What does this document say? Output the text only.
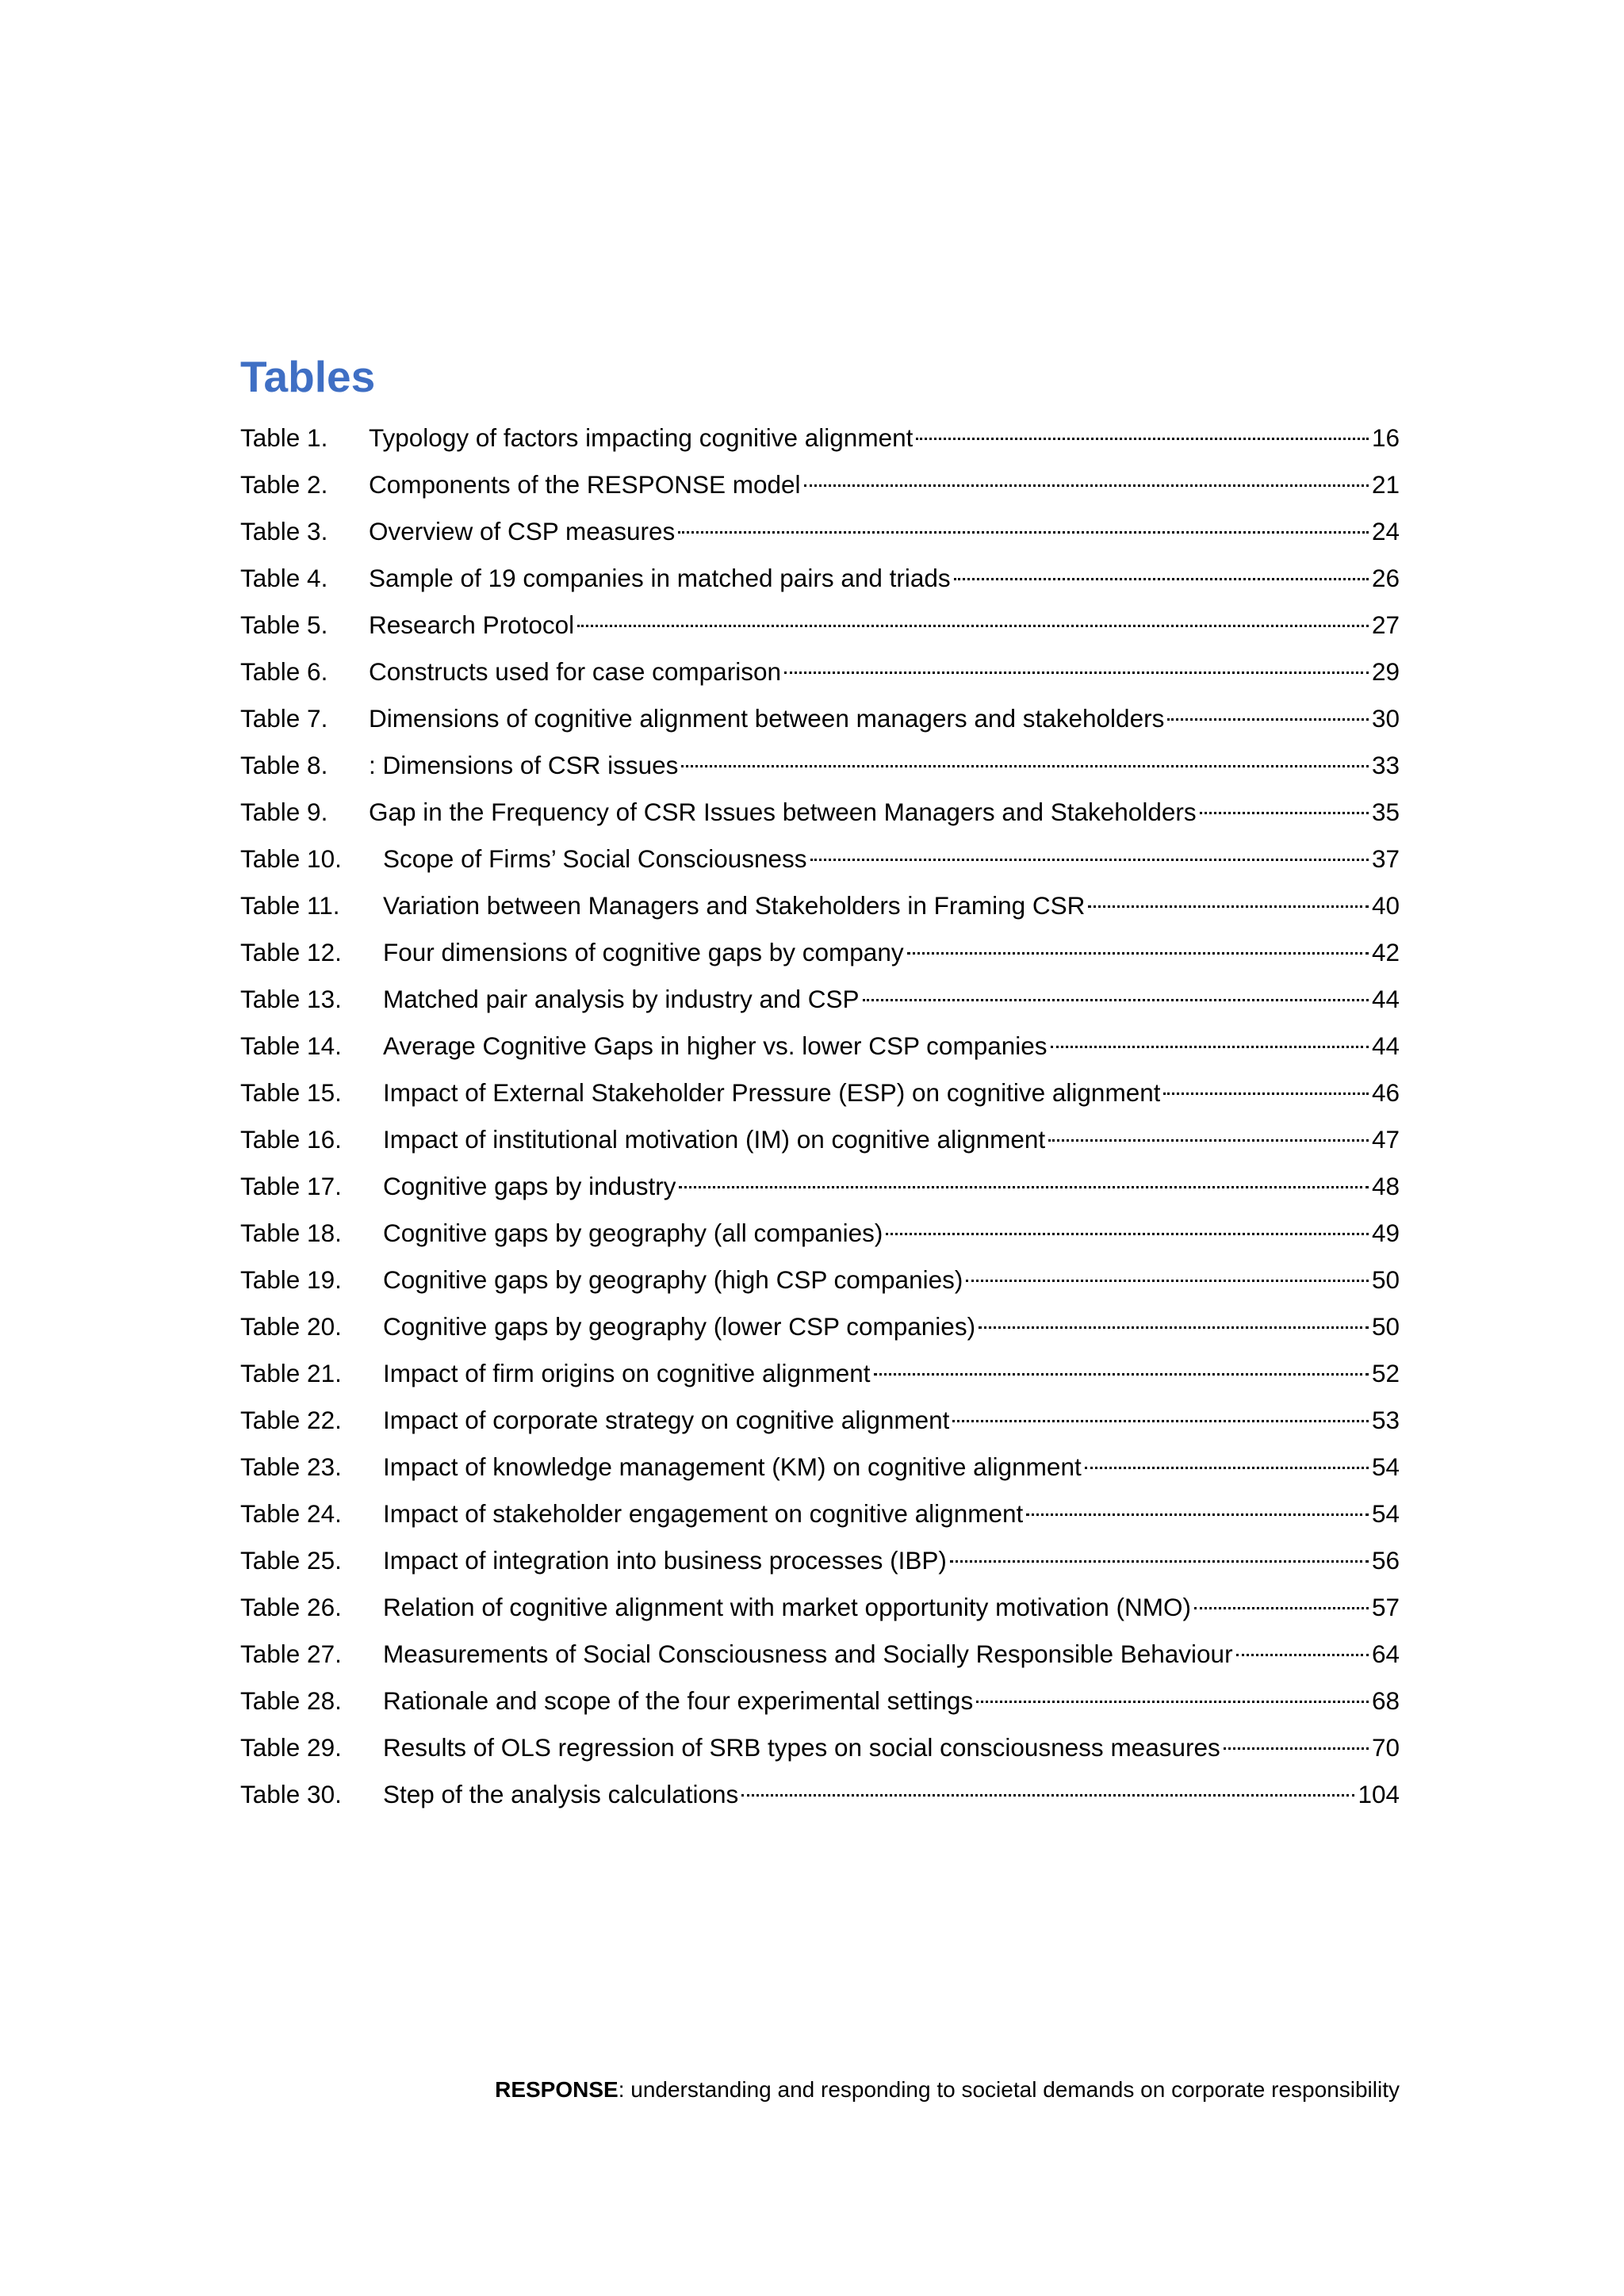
Tables
Table 1.	Typology of factors impacting cognitive alignment	16
Table 2.	Components of the RESPONSE model	21
Table 3.	Overview of CSP measures	24
Table 4.	Sample of 19 companies in matched pairs and triads	26
Table 5.	Research Protocol	27
Table 6.	Constructs used for case comparison	29
Table 7.	Dimensions of cognitive alignment between managers and stakeholders	30
Table 8.	: Dimensions of CSR issues	33
Table 9.	Gap in the Frequency of CSR Issues between Managers and Stakeholders	35
Table 10.	Scope of Firms’ Social Consciousness	37
Table 11.	Variation between Managers and Stakeholders in Framing CSR	40
Table 12.	Four dimensions of cognitive gaps by company	42
Table 13.	Matched pair analysis by industry and CSP	44
Table 14.	Average Cognitive Gaps in higher vs. lower CSP companies	44
Table 15.	Impact of External Stakeholder Pressure (ESP) on cognitive alignment	46
Table 16.	Impact of institutional motivation (IM) on cognitive alignment	47
Table 17.	Cognitive gaps by industry	48
Table 18.	Cognitive gaps by geography (all companies)	49
Table 19.	Cognitive gaps by geography (high CSP companies)	50
Table 20.	Cognitive gaps by geography (lower CSP companies)	50
Table 21.	Impact of firm origins on cognitive alignment	52
Table 22.	Impact of corporate strategy on cognitive alignment	53
Table 23.	Impact of knowledge management (KM) on cognitive alignment	54
Table 24.	Impact of stakeholder engagement on cognitive alignment	54
Table 25.	Impact of integration into business processes (IBP)	56
Table 26.	Relation of cognitive alignment with market opportunity motivation (NMO)	57
Table 27.	Measurements of Social Consciousness and Socially Responsible Behaviour	64
Table 28.	Rationale and scope of the four experimental settings	68
Table 29.	Results of OLS regression of SRB types on social consciousness measures	70
Table 30.	Step of the analysis calculations	104

RESPONSE: understanding and responding to societal demands on corporate responsibility
